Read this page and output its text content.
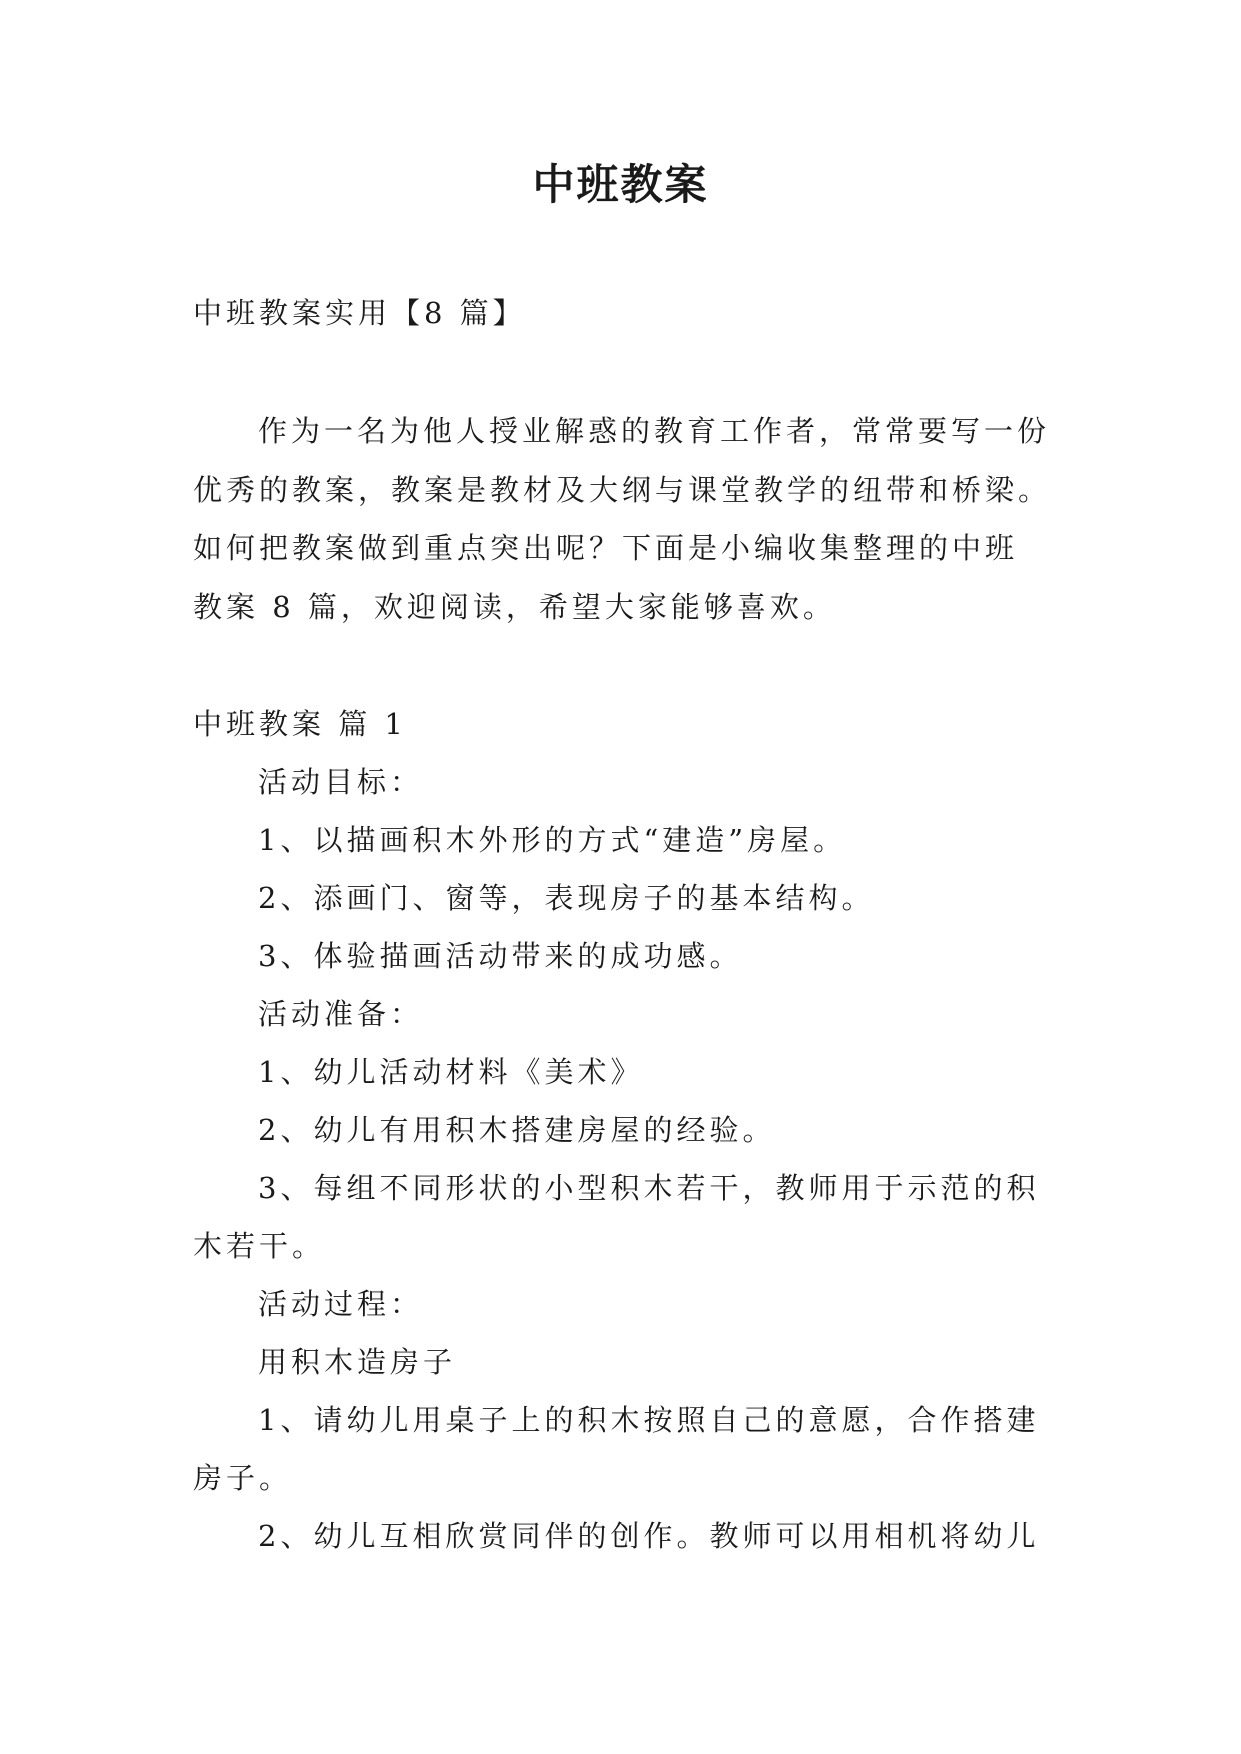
中班教案
中班教案实用【8 篇】
作为一名为他人授业解惑的教育工作者，常常要写一份
优秀的教案，教案是教材及大纲与课堂教学的纽带和桥梁。
如何把教案做到重点突出呢？下面是小编收集整理的中班
教案 8 篇，欢迎阅读，希望大家能够喜欢。
中班教案 篇 1
活动目标：
1、以描画积木外形的方式“建造”房屋。
2、添画门、窗等，表现房子的基本结构。
3、体验描画活动带来的成功感。
活动准备：
1、幼儿活动材料《美术》
2、幼儿有用积木搭建房屋的经验。
3、每组不同形状的小型积木若干，教师用于示范的积
木若干。
活动过程：
用积木造房子
1、请幼儿用桌子上的积木按照自己的意愿，合作搭建
房子。
2、幼儿互相欣赏同伴的创作。教师可以用相机将幼儿
